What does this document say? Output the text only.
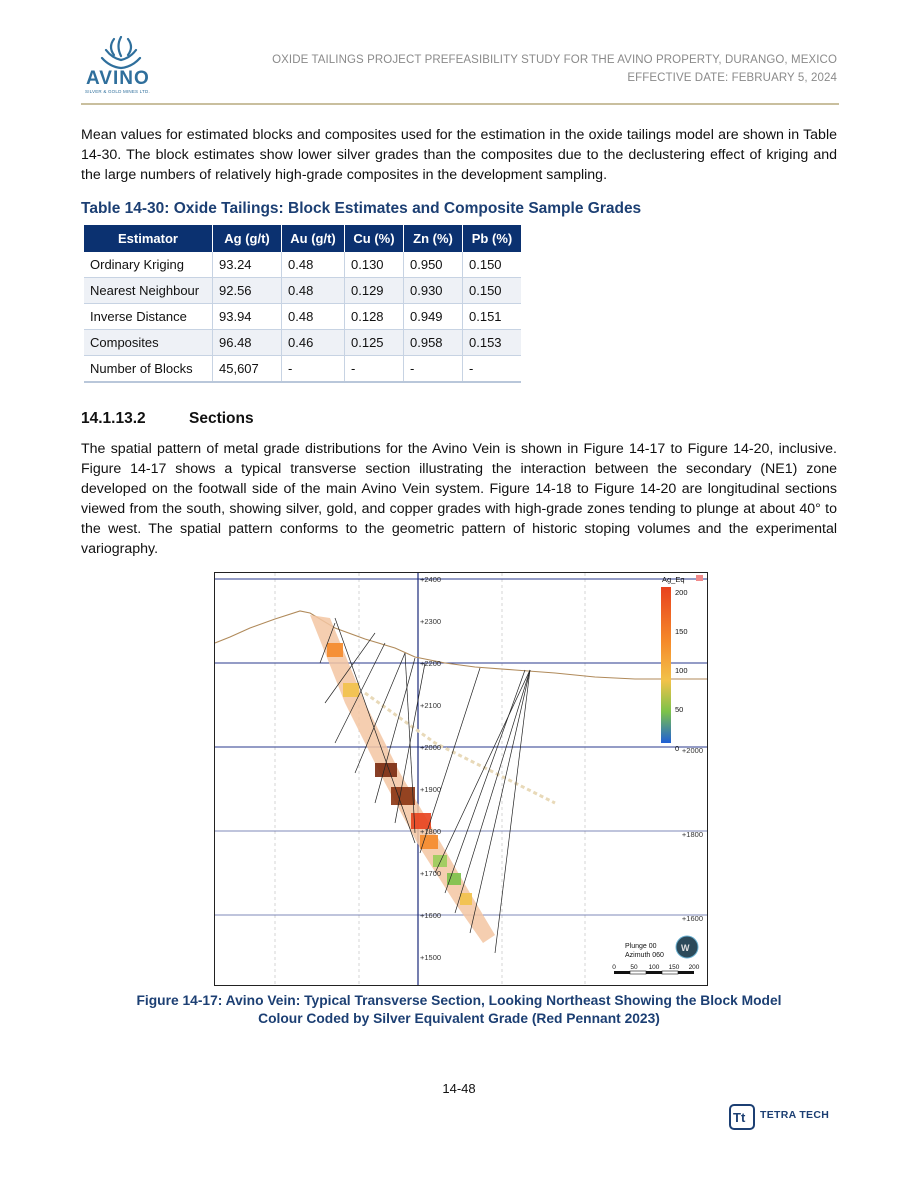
AVINO
SILVER & GOLD MINES LTD.
OXIDE TAILINGS PROJECT PREFEASIBILITY STUDY FOR THE AVINO PROPERTY, DURANGO, MEXICO
EFFECTIVE DATE: FEBRUARY 5, 2024
Mean values for estimated blocks and composites used for the estimation in the oxide tailings model are shown in Table 14-30. The block estimates show lower silver grades than the composites due to the declustering effect of kriging and the large numbers of relatively high-grade composites in the development sampling.
Table 14-30: Oxide Tailings: Block Estimates and Composite Sample Grades
Estimator	Ag (g/t)	Au (g/t)	Cu (%)	Zn (%)	Pb (%)
Ordinary Kriging	93.24	0.48	0.130	0.950	0.150
Nearest Neighbour	92.56	0.48	0.129	0.930	0.150
Inverse Distance	93.94	0.48	0.128	0.949	0.151
Composites	96.48	0.46	0.125	0.958	0.153
Number of Blocks	45,607	-	-	-	-
14.1.13.2	Sections
The spatial pattern of metal grade distributions for the Avino Vein is shown in Figure 14-17 to Figure 14-20, inclusive. Figure 14-17 shows a typical transverse section illustrating the interaction between the secondary (NE1) zone developed on the footwall side of the main Avino Vein system. Figure 14-18 to Figure 14-20 are longitudinal sections viewed from the south, showing silver, gold, and copper grades with high-grade zones tending to plunge at about 40° to the west. The spatial pattern conforms to the geometric pattern of historic stoping volumes and the experimental variography.
+2400
+2300
+2200
+2100
+2000
+1900
+1800
+1700
+1600
+1500
+2000
+1800
+1600
Ag_Eq
200
150
100
50
0
Plunge 00
Azimuth 060
W
0 50 100 150 200
Figure 14-17: Avino Vein: Typical Transverse Section, Looking Northeast Showing the Block Model
Colour Coded by Silver Equivalent Grade (Red Pennant 2023)
14-48
Tt TETRA TECH
